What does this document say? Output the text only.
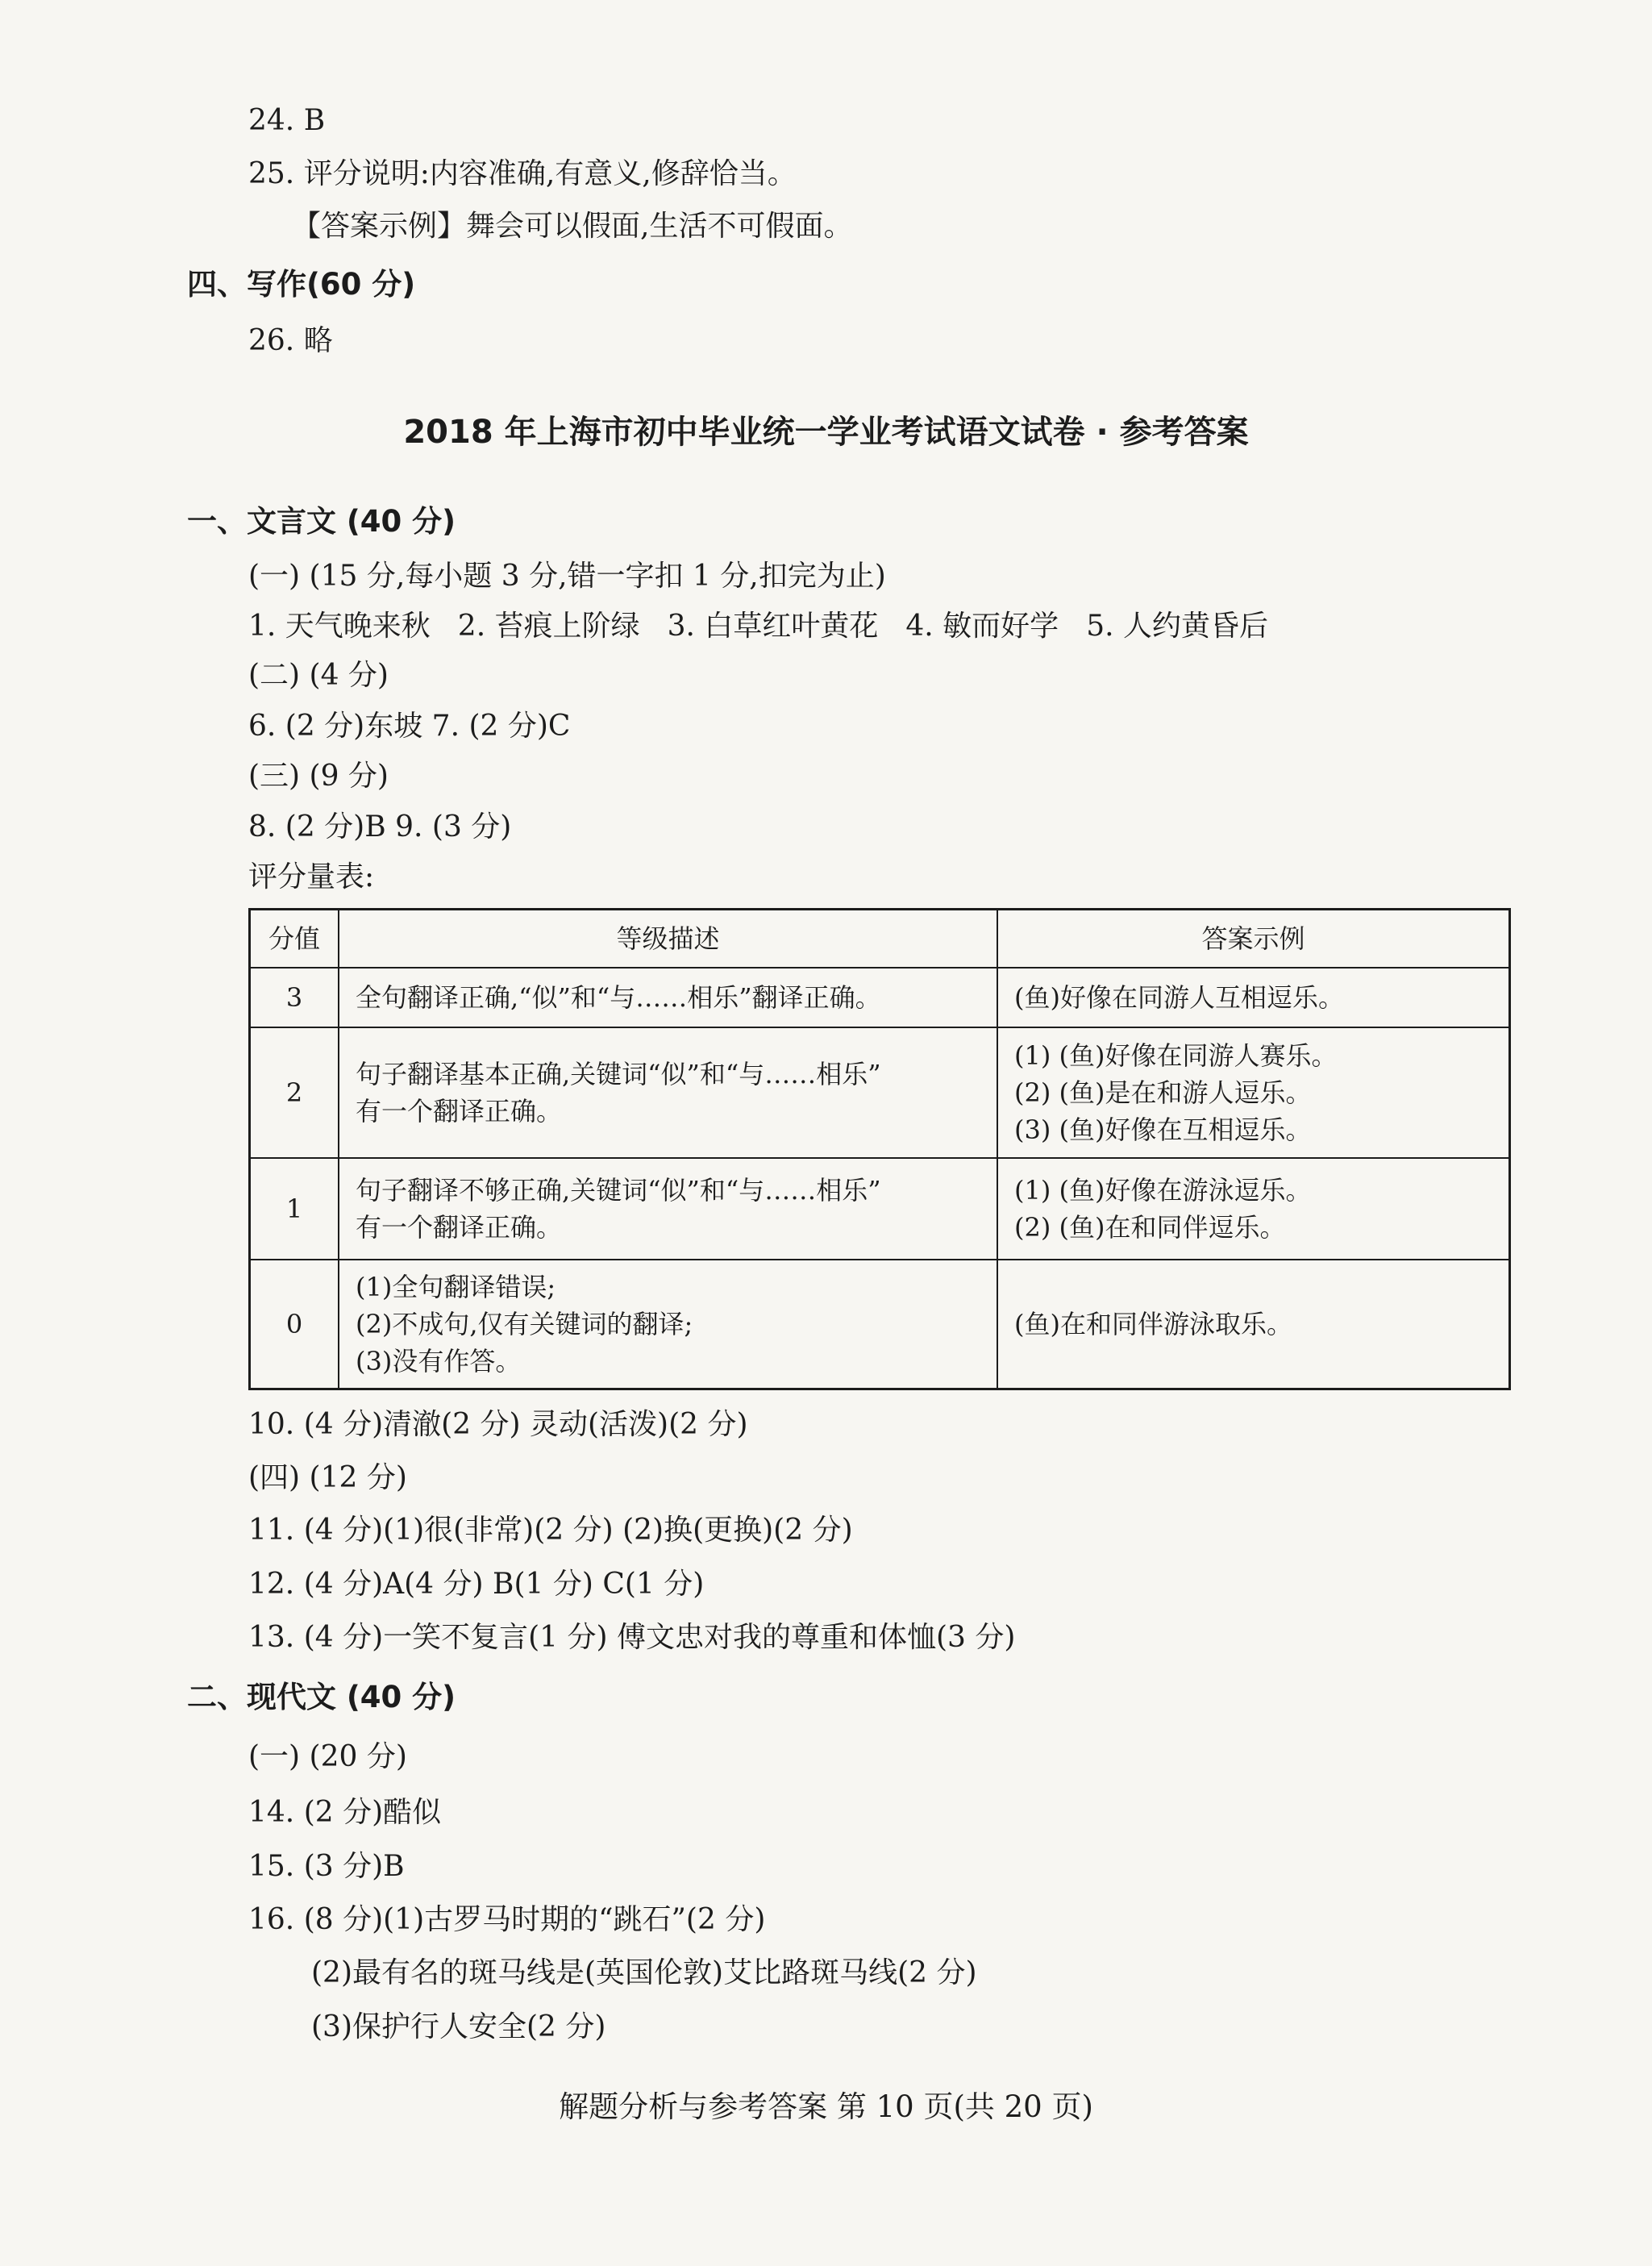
24. B
25. 评分说明:内容准确,有意义,修辞恰当。
【答案示例】舞会可以假面,生活不可假面。
四、写作(60 分)
26. 略
2018 年上海市初中毕业统一学业考试语文试卷 · 参考答案
一、文言文 (40 分)
(一) (15 分,每小题 3 分,错一字扣 1 分,扣完为止)
1. 天气晚来秋 2. 苔痕上阶绿 3. 白草红叶黄花 4. 敏而好学 5. 人约黄昏后
(二) (4 分)
6. (2 分)东坡 7. (2 分)C
(三) (9 分)
8. (2 分)B 9. (3 分)
评分量表:
分值	等级描述	答案示例
3	全句翻译正确,“似”和“与……相乐”翻译正确。	(鱼)好像在同游人互相逗乐。

2	句子翻译基本正确,关键词“似”和“与……相乐”
有一个翻译正确。	(1) (鱼)好像在同游人赛乐。
(2) (鱼)是在和游人逗乐。
(3) (鱼)好像在互相逗乐。

1	句子翻译不够正确,关键词“似”和“与……相乐”
有一个翻译正确。	(1) (鱼)好像在游泳逗乐。
(2) (鱼)在和同伴逗乐。

0	(1)全句翻译错误;
(2)不成句,仅有关键词的翻译;
(3)没有作答。	(鱼)在和同伴游泳取乐。
10. (4 分)清澈(2 分) 灵动(活泼)(2 分)
(四) (12 分)
11. (4 分)(1)很(非常)(2 分) (2)换(更换)(2 分)
12. (4 分)A(4 分) B(1 分) C(1 分)
13. (4 分)一笑不复言(1 分) 傅文忠对我的尊重和体恤(3 分)
二、现代文 (40 分)
(一) (20 分)
14. (2 分)酷似
15. (3 分)B
16. (8 分)(1)古罗马时期的“跳石”(2 分)
(2)最有名的斑马线是(英国伦敦)艾比路斑马线(2 分)
(3)保护行人安全(2 分)
解题分析与参考答案 第 10 页(共 20 页)
